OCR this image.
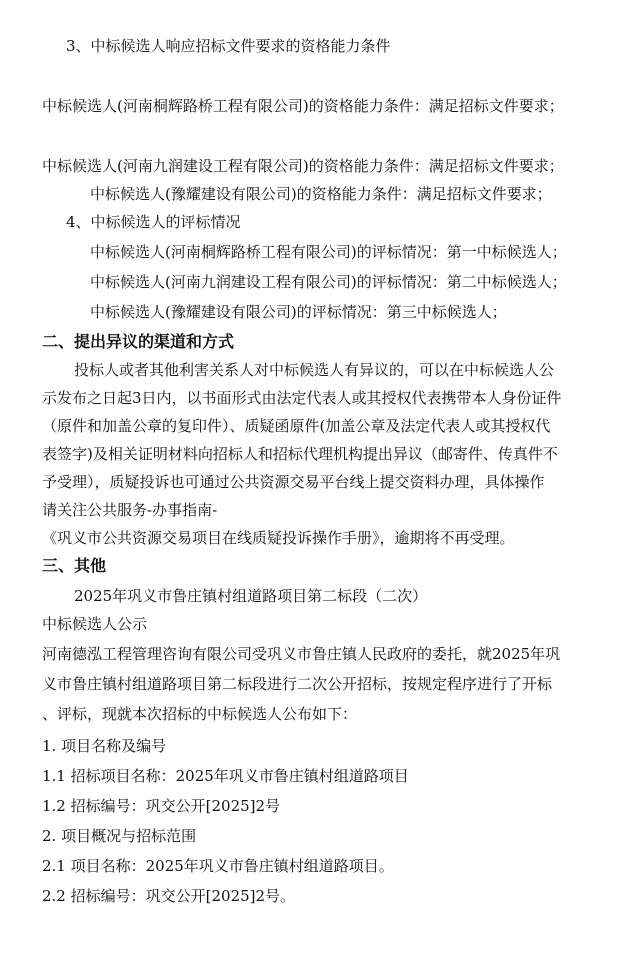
3、中标候选人响应招标文件要求的资格能力条件
中标候选人(河南桐辉路桥工程有限公司)的资格能力条件：满足招标文件要求；
中标候选人(河南九润建设工程有限公司)的资格能力条件：满足招标文件要求；
中标候选人(豫耀建设有限公司)的资格能力条件：满足招标文件要求；
4、中标候选人的评标情况
中标候选人(河南桐辉路桥工程有限公司)的评标情况：第一中标候选人；
中标候选人(河南九润建设工程有限公司)的评标情况：第二中标候选人；
中标候选人(豫耀建设有限公司)的评标情况：第三中标候选人；
二、提出异议的渠道和方式
投标人或者其他利害关系人对中标候选人有异议的，可以在中标候选人公
示发布之日起3日内，以书面形式由法定代表人或其授权代表携带本人身份证件
（原件和加盖公章的复印件）、质疑函原件(加盖公章及法定代表人或其授权代
表签字)及相关证明材料向招标人和招标代理机构提出异议（邮寄件、传真件不
予受理），质疑投诉也可通过公共资源交易平台线上提交资料办理，具体操作
请关注公共服务-办事指南-
《巩义市公共资源交易项目在线质疑投诉操作手册》，逾期将不再受理。
三、其他
2025年巩义市鲁庄镇村组道路项目第二标段（二次）
中标候选人公示
河南德泓工程管理咨询有限公司受巩义市鲁庄镇人民政府的委托，就2025年巩
义市鲁庄镇村组道路项目第二标段进行二次公开招标，按规定程序进行了开标
、评标，现就本次招标的中标候选人公布如下：
1. 项目名称及编号
1.1 招标项目名称：2025年巩义市鲁庄镇村组道路项目
1.2 招标编号：巩交公开[2025]2号
2. 项目概况与招标范围
2.1 项目名称：2025年巩义市鲁庄镇村组道路项目。
2.2 招标编号：巩交公开[2025]2号。
